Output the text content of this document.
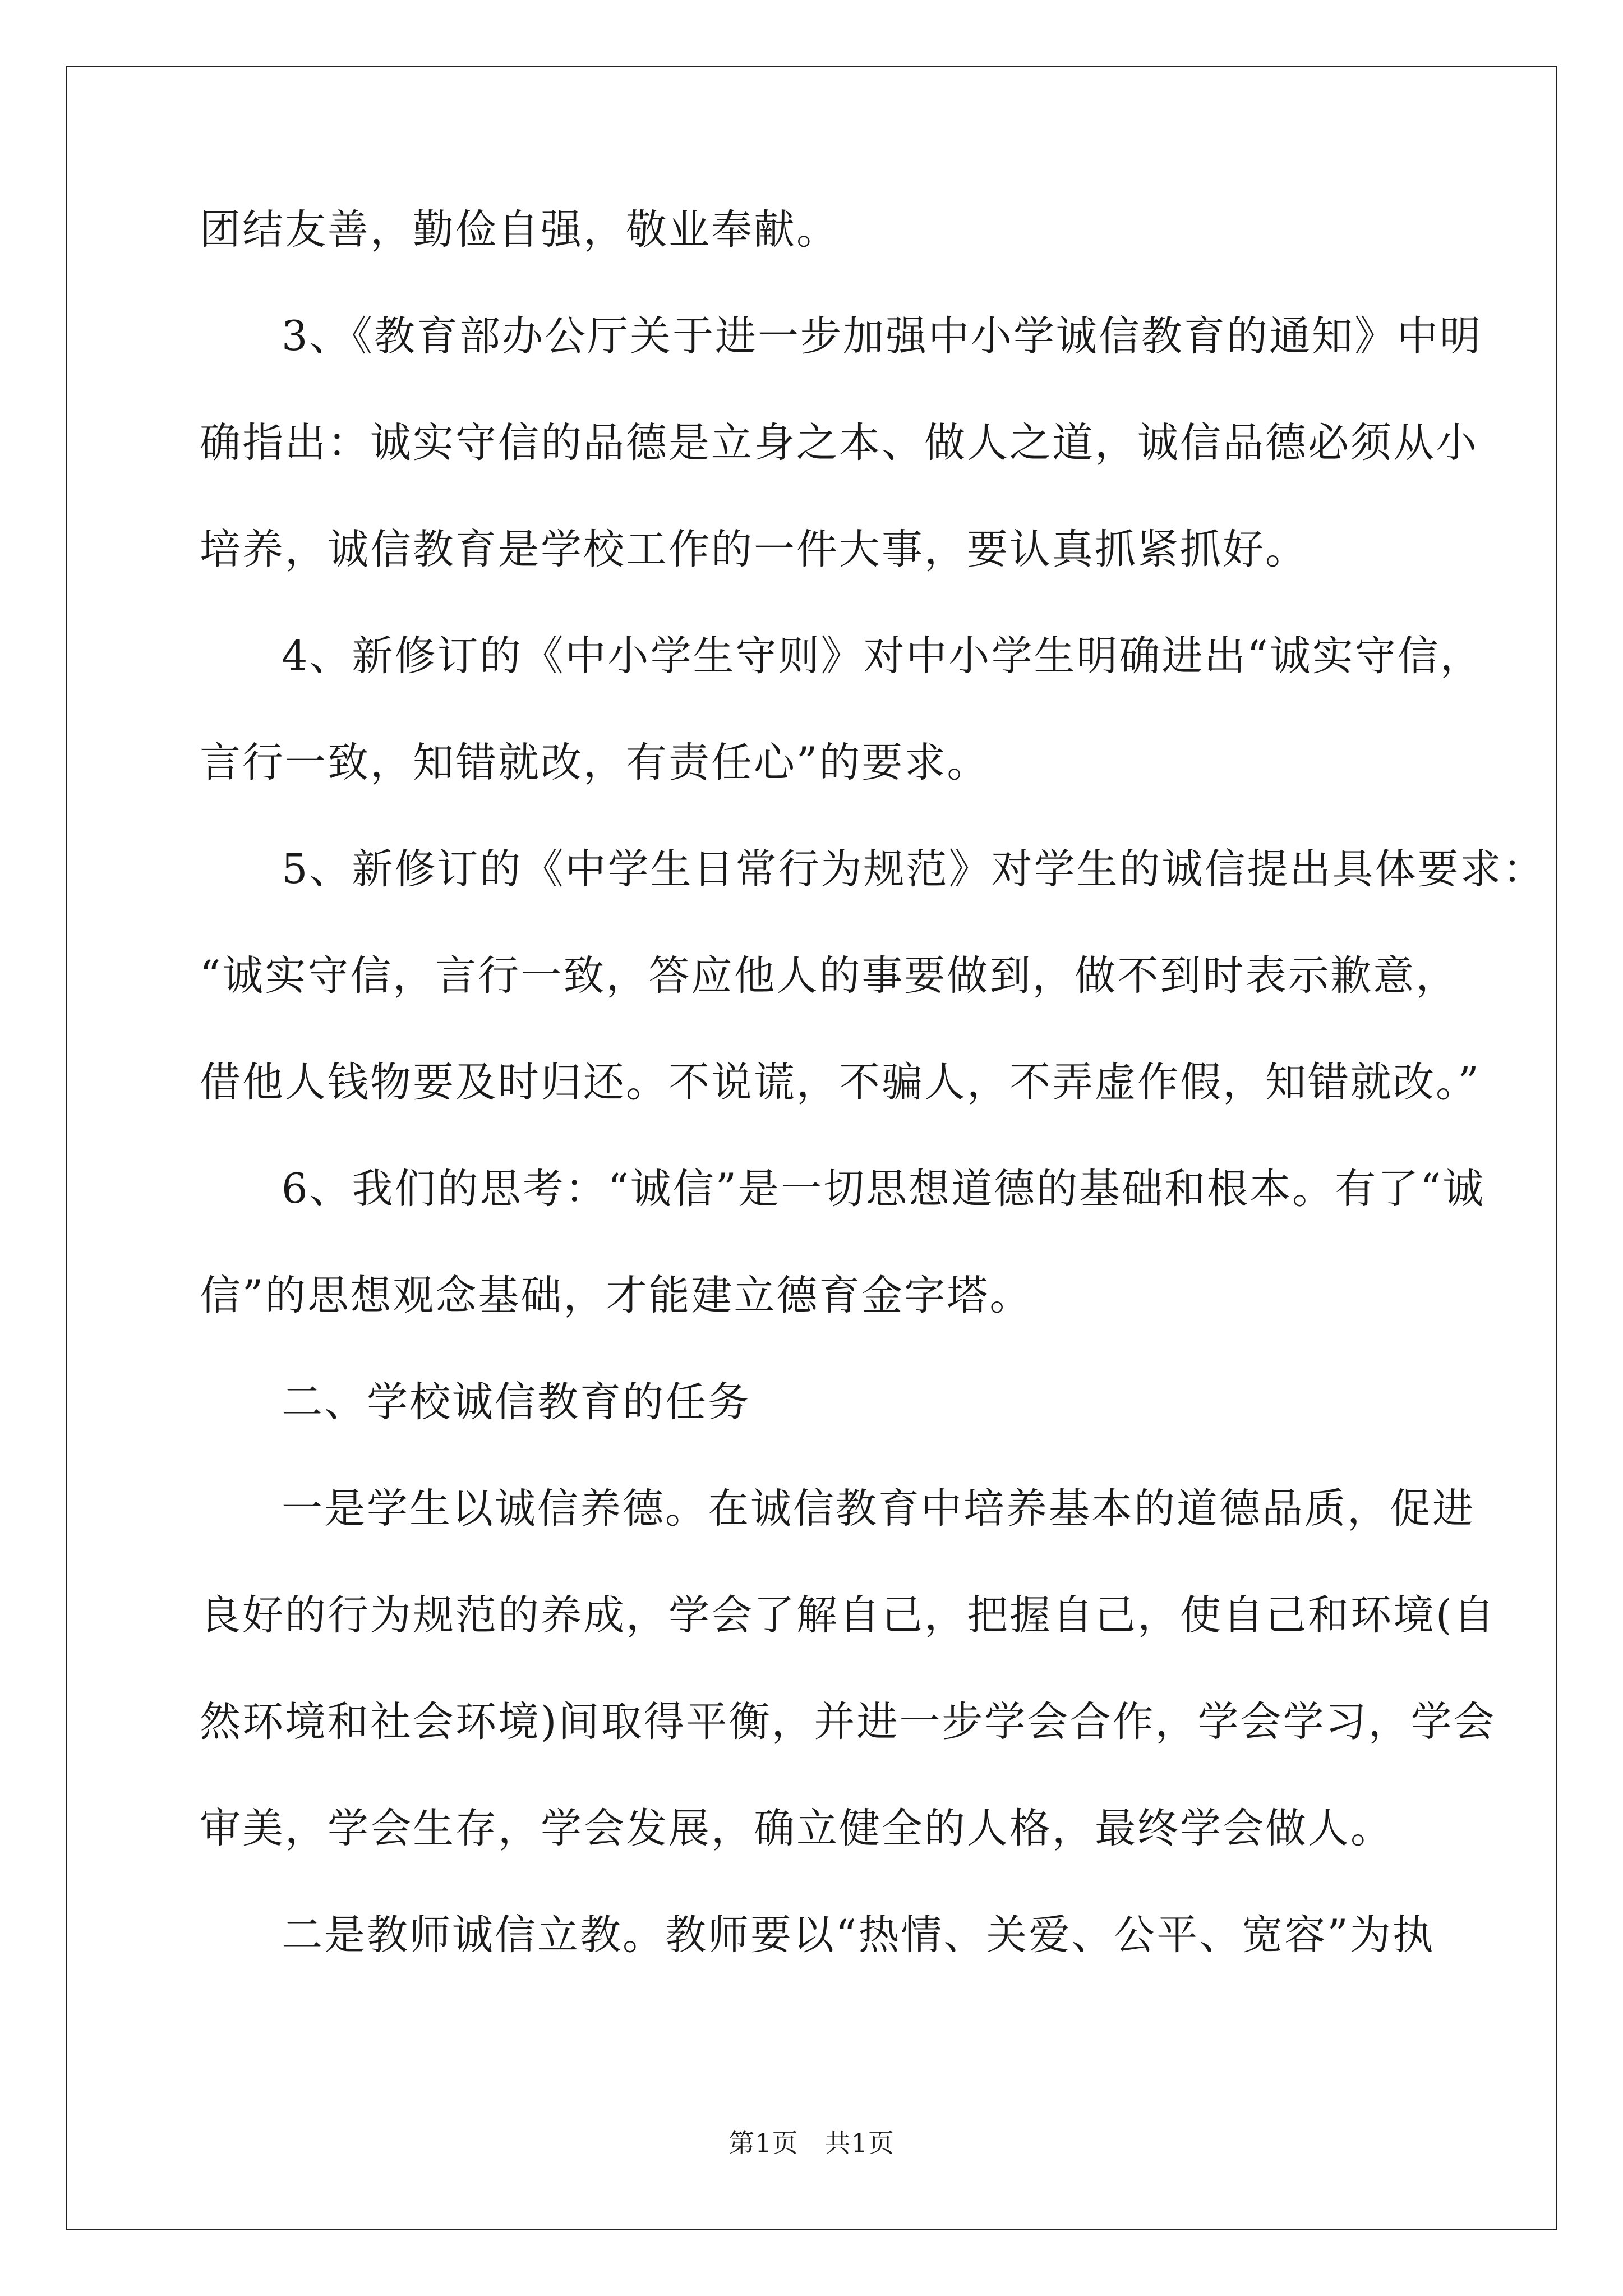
团结友善，勤俭自强，敬业奉献。
3、《教育部办公厅关于进一步加强中小学诚信教育的通知》中明
确指出：诚实守信的品德是立身之本、做人之道，诚信品德必须从小
培养，诚信教育是学校工作的一件大事，要认真抓紧抓好。
4、新修订的《中小学生守则》对中小学生明确进出“诚实守信，
言行一致，知错就改，有责任心”的要求。
5、新修订的《中学生日常行为规范》对学生的诚信提出具体要求：
“诚实守信，言行一致，答应他人的事要做到，做不到时表示歉意，
借他人钱物要及时归还。不说谎，不骗人，不弄虚作假，知错就改。”
6、我们的思考：“诚信”是一切思想道德的基础和根本。有了“诚
信”的思想观念基础，才能建立德育金字塔。
二、学校诚信教育的任务
一是学生以诚信养德。在诚信教育中培养基本的道德品质，促进
良好的行为规范的养成，学会了解自己，把握自己，使自己和环境(自
然环境和社会环境)间取得平衡，并进一步学会合作，学会学习，学会
审美，学会生存，学会发展，确立健全的人格，最终学会做人。
二是教师诚信立教。教师要以“热情、关爱、公平、宽容”为执
第1页　共1页
